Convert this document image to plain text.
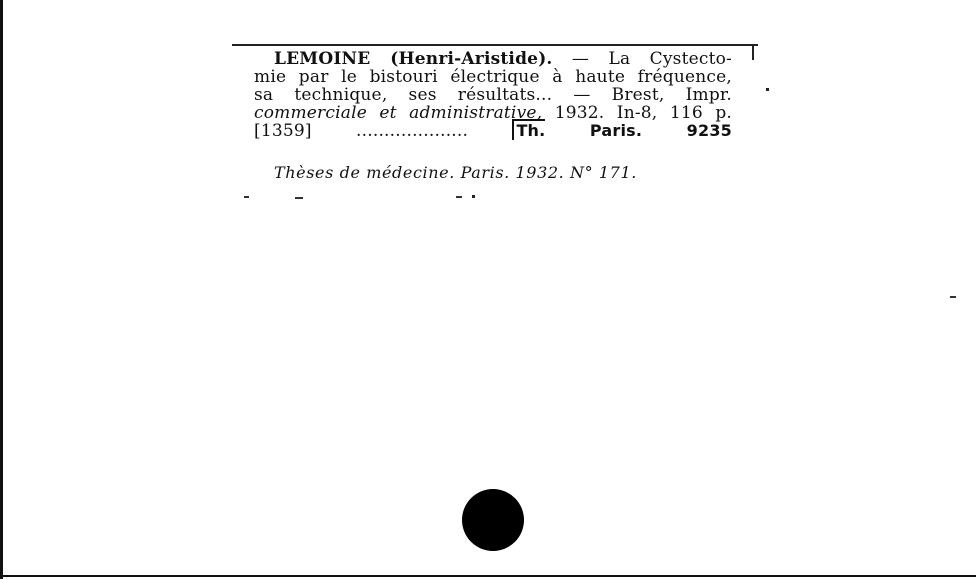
LEMOINE (Henri-Aristide). — La Cystecto-
mie par le bistouri électrique à haute fréquence,
sa technique, ses résultats... — Brest, Impr.
commerciale et administrative, 1932. In-8, 116 p.
[1359] ....................	Th.	Paris. 9235
Thèses de médecine. Paris. 1932. N° 171.
